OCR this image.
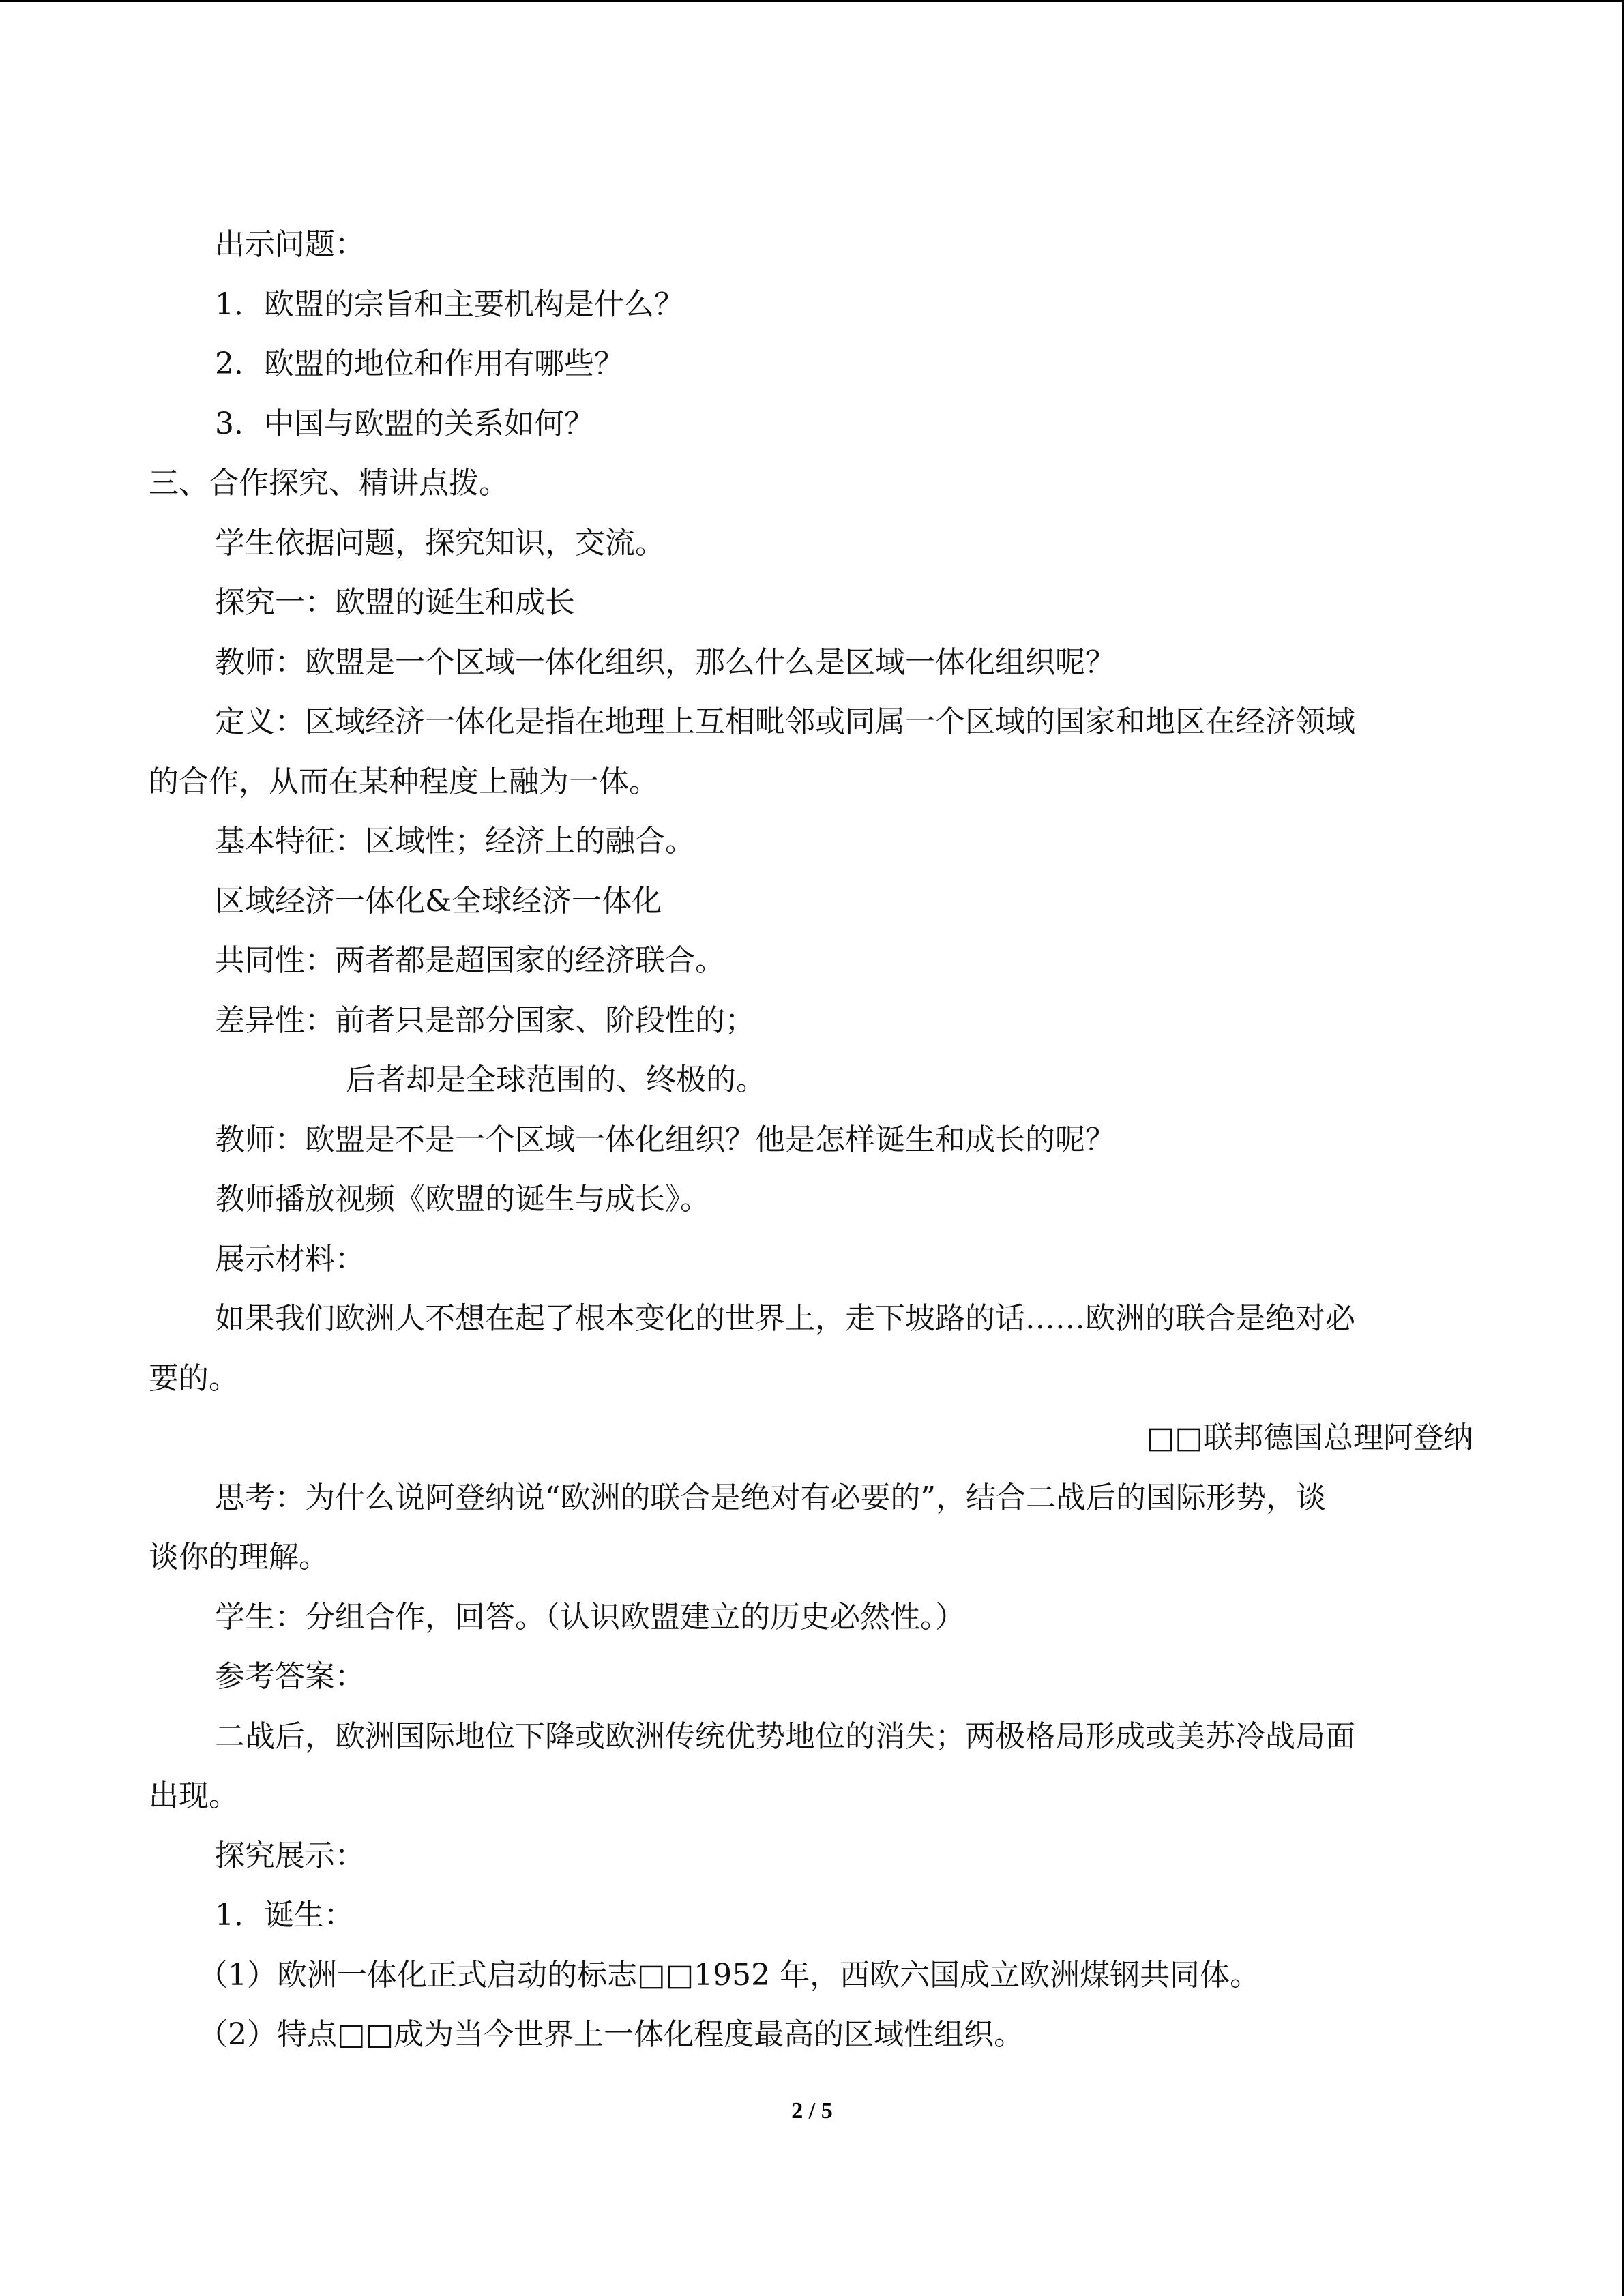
出示问题：
1．欧盟的宗旨和主要机构是什么？
2．欧盟的地位和作用有哪些？
3．中国与欧盟的关系如何？
三、合作探究、精讲点拨。
学生依据问题，探究知识，交流。
探究一：欧盟的诞生和成长
教师：欧盟是一个区域一体化组织，那么什么是区域一体化组织呢？
定义：区域经济一体化是指在地理上互相毗邻或同属一个区域的国家和地区在经济领域
的合作，从而在某种程度上融为一体。
基本特征：区域性；经济上的融合。
区域经济一体化&全球经济一体化
共同性：两者都是超国家的经济联合。
差异性：前者只是部分国家、阶段性的；
后者却是全球范围的、终极的。
教师：欧盟是不是一个区域一体化组织？他是怎样诞生和成长的呢？
教师播放视频《欧盟的诞生与成长》。
展示材料：
如果我们欧洲人不想在起了根本变化的世界上，走下坡路的话……欧洲的联合是绝对必
要的。
□□联邦德国总理阿登纳
思考：为什么说阿登纳说“欧洲的联合是绝对有必要的”，结合二战后的国际形势，谈
谈你的理解。
学生：分组合作，回答。（认识欧盟建立的历史必然性。）
参考答案：
二战后，欧洲国际地位下降或欧洲传统优势地位的消失；两极格局形成或美苏冷战局面
出现。
探究展示：
1．诞生：
（1）欧洲一体化正式启动的标志□□1952 年，西欧六国成立欧洲煤钢共同体。
（2）特点□□成为当今世界上一体化程度最高的区域性组织。
2 / 5
